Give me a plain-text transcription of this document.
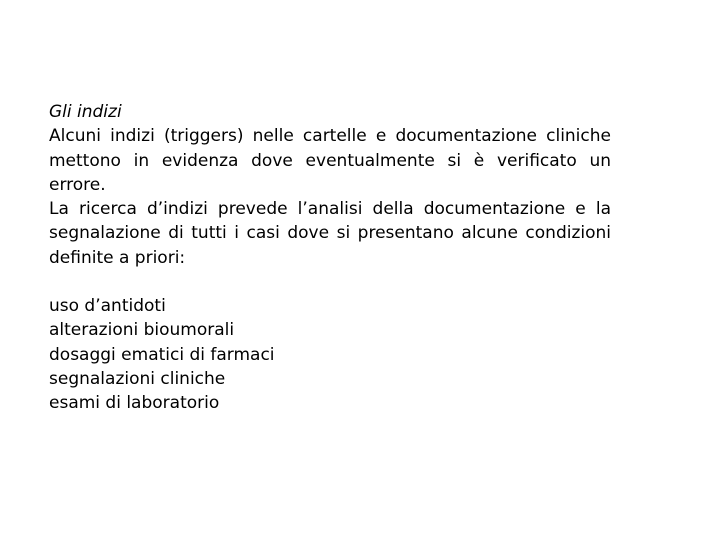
Gli indizi

Alcuni indizi (triggers) nelle cartelle e documentazione cliniche mettono in evidenza dove eventualmente si è verificato un errore.

La ricerca d’indizi prevede l’analisi della documentazione e la segnalazione di tutti i casi dove si presentano alcune condizioni definite a priori:

uso d’antidoti
alterazioni bioumorali
dosaggi ematici di farmaci
segnalazioni cliniche
esami di laboratorio
